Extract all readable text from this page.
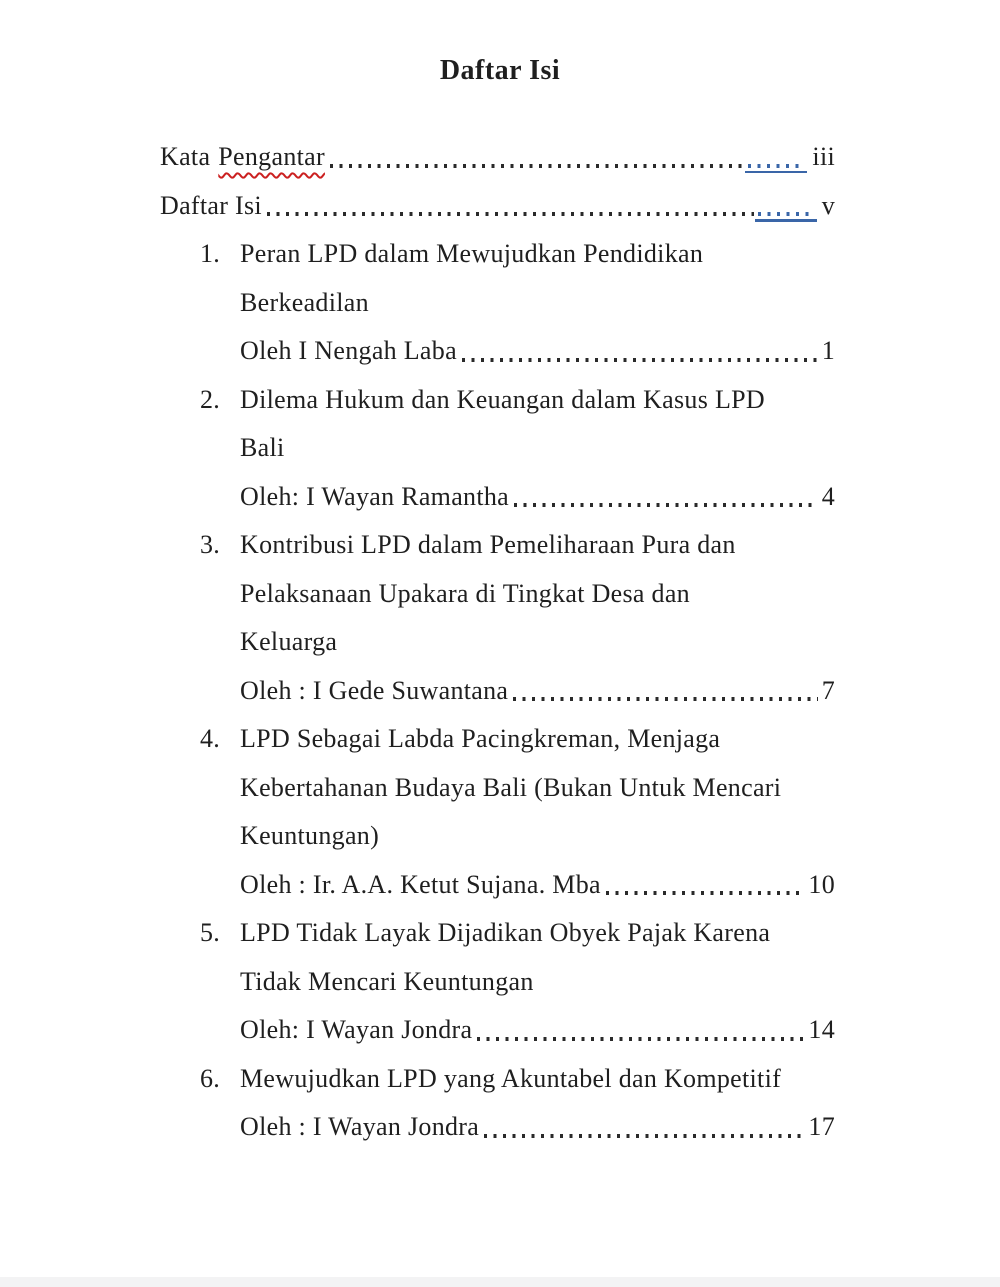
Daftar Isi
Kata Pengantar	iii
Daftar Isi	v
1. Peran LPD dalam Mewujudkan Pendidikan
Berkeadilan
Oleh I Nengah Laba	1
2. Dilema Hukum dan Keuangan dalam Kasus LPD
Bali
Oleh: I Wayan Ramantha	4
3. Kontribusi LPD dalam Pemeliharaan Pura dan
Pelaksanaan Upakara di Tingkat Desa dan
Keluarga
Oleh : I Gede Suwantana	7
4. LPD Sebagai Labda Pacingkreman, Menjaga
Kebertahanan Budaya Bali (Bukan Untuk Mencari
Keuntungan)
Oleh : Ir. A.A. Ketut Sujana. Mba	10
5. LPD Tidak Layak Dijadikan Obyek Pajak Karena
Tidak Mencari Keuntungan
Oleh: I Wayan Jondra	14
6. Mewujudkan LPD yang Akuntabel dan Kompetitif
Oleh : I Wayan Jondra	17
